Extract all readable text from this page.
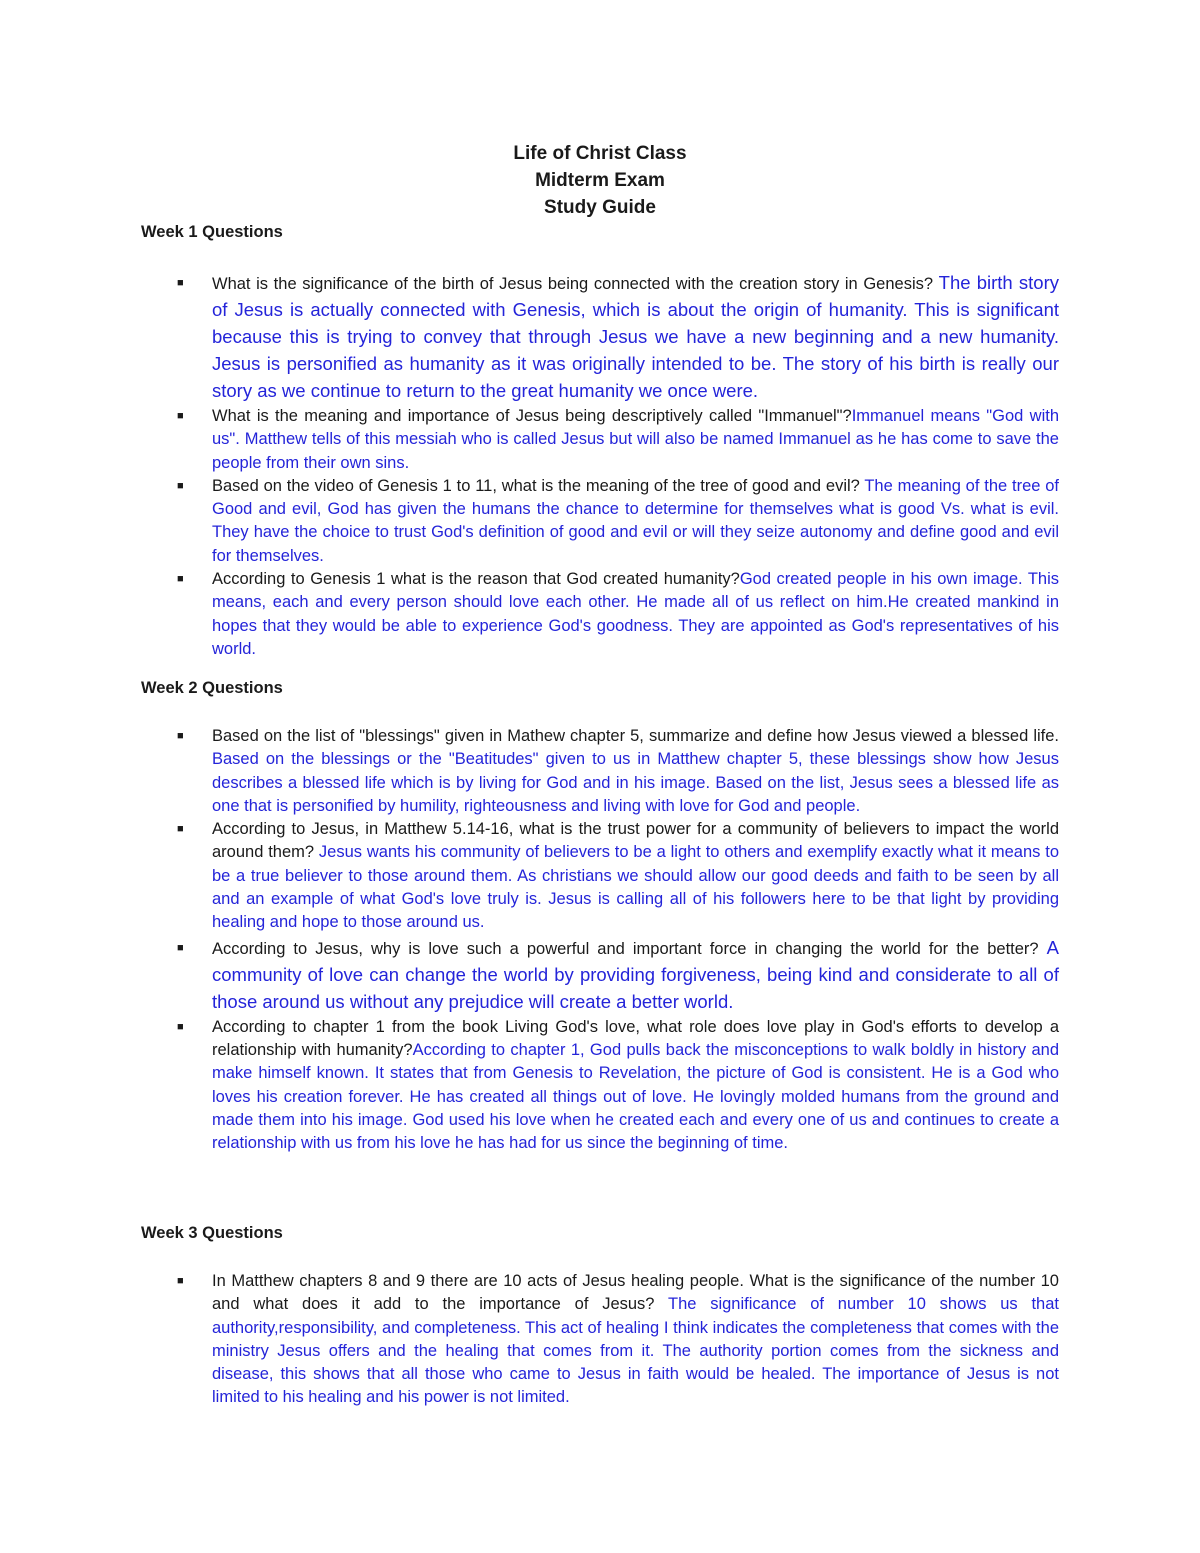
Life of Christ Class
Midterm Exam
Study Guide
Week 1 Questions
■ What is the significance of the birth of Jesus being connected with the creation story in Genesis? The birth story of Jesus is actually connected with Genesis, which is about the origin of humanity. This is significant because this is trying to convey that through Jesus we have a new beginning and a new humanity. Jesus is personified as humanity as it was originally intended to be. The story of his birth is really our story as we continue to return to the great humanity we once were.
■ What is the meaning and importance of Jesus being descriptively called "Immanuel"?Immanuel means "God with us". Matthew tells of this messiah who is called Jesus but will also be named Immanuel as he has come to save the people from their own sins.
■ Based on the video of Genesis 1 to 11, what is the meaning of the tree of good and evil? The meaning of the tree of Good and evil, God has given the humans the chance to determine for themselves what is good Vs. what is evil. They have the choice to trust God's definition of good and evil or will they seize autonomy and define good and evil for themselves.
■ According to Genesis 1 what is the reason that God created humanity?God created people in his own image. This means, each and every person should love each other. He made all of us reflect on him.He created mankind in hopes that they would be able to experience God's goodness. They are appointed as God's representatives of his world.
Week 2 Questions
■ Based on the list of "blessings" given in Mathew chapter 5, summarize and define how Jesus viewed a blessed life. Based on the blessings or the "Beatitudes" given to us in Matthew chapter 5, these blessings show how Jesus describes a blessed life which is by living for God and in his image. Based on the list, Jesus sees a blessed life as one that is personified by humility, righteousness and living with love for God and people.
■ According to Jesus, in Matthew 5.14-16, what is the trust power for a community of believers to impact the world around them? Jesus wants his community of believers to be a light to others and exemplify exactly what it means to be a true believer to those around them. As christians we should allow our good deeds and faith to be seen by all and an example of what God's love truly is. Jesus is calling all of his followers here to be that light by providing healing and hope to those around us.
■ According to Jesus, why is love such a powerful and important force in changing the world for the better? A community of love can change the world by providing forgiveness, being kind and considerate to all of those around us without any prejudice will create a better world.
■ According to chapter 1 from the book Living God's love, what role does love play in God's efforts to develop a relationship with humanity?According to chapter 1, God pulls back the misconceptions to walk boldly in history and make himself known. It states that from Genesis to Revelation, the picture of God is consistent. He is a God who loves his creation forever. He has created all things out of love. He lovingly molded humans from the ground and made them into his image. God used his love when he created each and every one of us and continues to create a relationship with us from his love he has had for us since the beginning of time.
Week 3 Questions
■ In Matthew chapters 8 and 9 there are 10 acts of Jesus healing people. What is the significance of the number 10 and what does it add to the importance of Jesus? The significance of number 10 shows us that authority,responsibility, and completeness. This act of healing I think indicates the completeness that comes with the ministry Jesus offers and the healing that comes from it. The authority portion comes from the sickness and disease, this shows that all those who came to Jesus in faith would be healed. The importance of Jesus is not limited to his healing and his power is not limited.
